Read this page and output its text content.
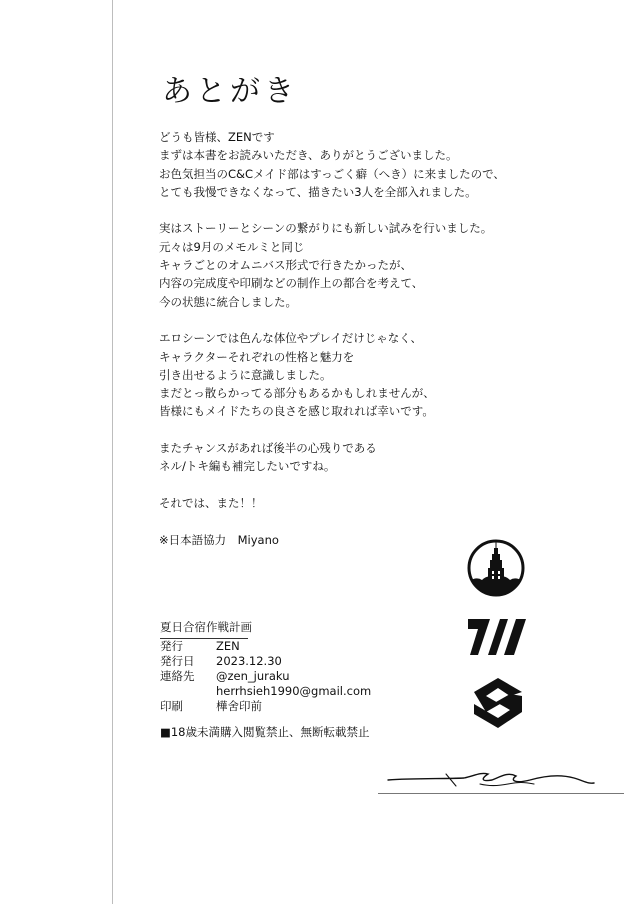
あとがき

どうも皆様、ZENです
まずは本書をお読みいただき、ありがとうございました。
お色気担当のC&Cメイド部はすっごく癖（へき）に来ましたので、
とても我慢できなくなって、描きたい3人を全部入れました。

実はストーリーとシーンの繋がりにも新しい試みを行いました。
元々は9月のメモルミと同じ
キャラごとのオムニバス形式で行きたかったが、
内容の完成度や印刷などの制作上の都合を考えて、
今の状態に統合しました。

エロシーンでは色んな体位やプレイだけじゃなく、
キャラクターそれぞれの性格と魅力を
引き出せるように意識しました。
まだとっ散らかってる部分もあるかもしれませんが、
皆様にもメイドたちの良さを感じ取れれば幸いです。

またチャンスがあれば後半の心残りである
ネル/トキ編も補完したいですね。

それでは、また！！

※日本語協力　Miyano

夏日合宿作戦計画
発行	ZEN
発行日	2023.12.30
連絡先	@zen_juraku
herrhsieh1990@gmail.com
印刷	樺舍印前
■18歳未満購入閲覧禁止、無断転載禁止
